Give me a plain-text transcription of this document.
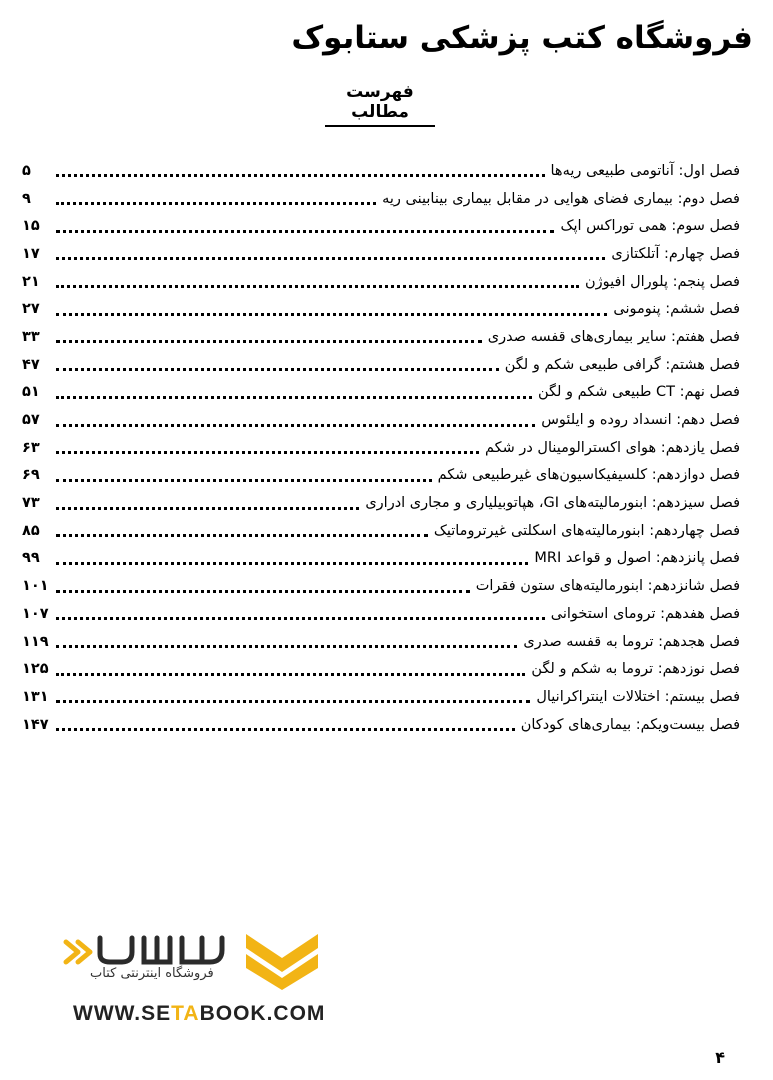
فروشگاه کتب پزشکی ستابوک
فهرست مطالب
فصل اول: آناتومی طبیعی ریه‌ها
۵
فصل دوم: بیماری فضای هوایی در مقابل بیماری بینابینی ریه
۹
فصل سوم: همی توراکس اپک
۱۵
فصل چهارم: آتلکتازی
۱۷
فصل پنجم: پلورال افیوژن
۲۱
فصل ششم: پنومونی
۲۷
فصل هفتم: سایر بیماری‌های قفسه صدری
۳۳
فصل هشتم: گرافی طبیعی شکم و لگن
۴۷
فصل نهم: CT طبیعی شکم و لگن
۵۱
فصل دهم: انسداد روده و ایلئوس
۵۷
فصل یازدهم: هوای اکسترالومینال در شکم
۶۳
فصل دوازدهم: کلسیفیکاسیون‌های غیرطبیعی شکم
۶۹
فصل سیزدهم: ابنورمالیته‌های GI، هپاتوبیلیاری و مجاری ادراری
۷۳
فصل چهاردهم: ابنورمالیته‌های اسکلتی غیرتروماتیک
۸۵
فصل پانزدهم: اصول و قواعد MRI
۹۹
فصل شانزدهم: ابنورمالیته‌های ستون فقرات
۱۰۱
فصل هفدهم: ترومای استخوانی
۱۰۷
فصل هجدهم: تروما به قفسه صدری
۱۱۹
فصل نوزدهم: تروما به شکم و لگن
۱۲۵
فصل بیستم: اختلالات اینتراکرانیال
۱۳۱
فصل بیست‌ویکم: بیماری‌های کودکان
۱۴۷
فروشگاه اینترنتی کتاب
WWW.SETABOOK.COM
۴
